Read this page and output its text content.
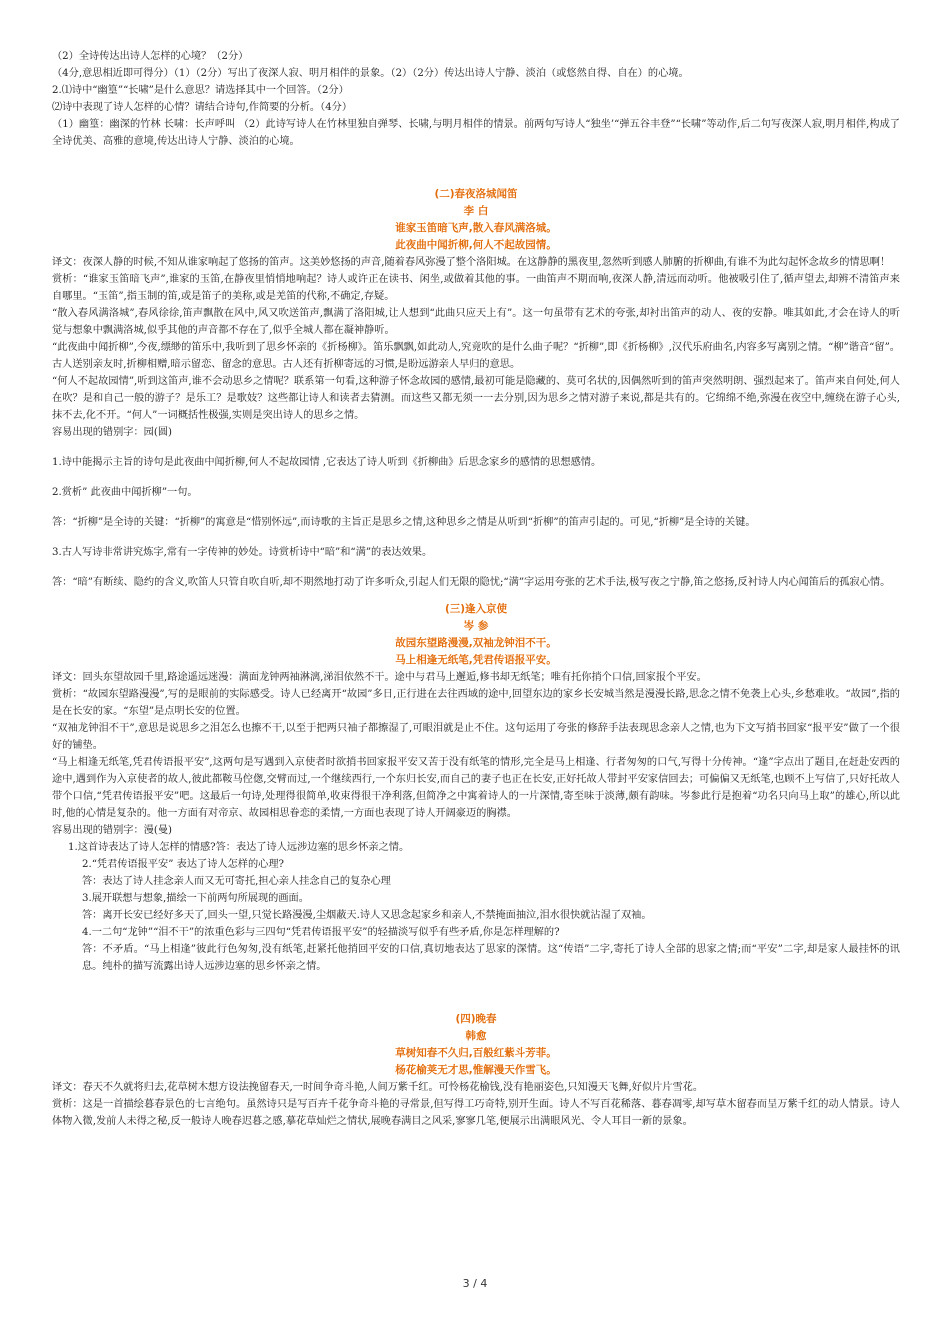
（2）全诗传达出诗人怎样的心境？（2分）

（4分,意思相近即可得分）（1）（2分）写出了夜深人寂、明月相伴的景象。（2）（2分）传达出诗人宁静、淡泊（或悠然自得、自在）的心境。

2.⑴诗中“幽篁”“长啸”是什么意思？请选择其中一个回答。（2分）

⑵诗中表现了诗人怎样的心情？请结合诗句,作简要的分析。（4分）

（1）幽篁：幽深的竹林 长啸：长声呼叫 （2）此诗写诗人在竹林里独自弹琴、长啸,与明月相伴的情景。前两句写诗人“独坐’“弹五谷丰登”“长啸”等动作,后二句写夜深人寂,明月相伴,构成了全诗优美、高雅的意境,传达出诗人宁静、淡泊的心境。

(二)春夜洛城闻笛

李 白

谁家玉笛暗飞声,散入春风满洛城。

此夜曲中闻折柳,何人不起故园情。

译文：夜深人静的时候,不知从谁家响起了悠扬的笛声。这美妙悠扬的声音,随着春风弥漫了整个洛阳城。在这静静的黑夜里,忽然听到感人肺腑的折柳曲,有谁不为此勾起怀念故乡的情思啊！

赏析：“谁家玉笛暗飞声”,谁家的玉笛,在静夜里悄悄地响起？诗人或许正在读书、闲坐,或做着其他的事。一曲笛声不期而响,夜深人静,清远而动听。他被吸引住了,循声望去,却辨不清笛声来自哪里。“玉笛”,指玉制的笛,或是笛子的美称,或是羌笛的代称,不确定,存疑。

“散入春风满洛城”,春风徐徐,笛声飘散在风中,风又吹送笛声,飘满了洛阳城,让人想到“此曲只应天上有”。这一句虽带有艺术的夸张,却衬出笛声的动人、夜的安静。唯其如此,才会在诗人的听觉与想象中飘满洛城,似乎其他的声音都不存在了,似乎全城人都在凝神静听。

“此夜曲中闻折柳”,今夜,缥缈的笛乐中,我听到了思乡怀亲的《折杨柳》。笛乐飘飘,如此动人,究竟吹的是什么曲子呢？“折柳”,即《折杨柳》,汉代乐府曲名,内容多写离别之情。“柳”谐音“留”。古人送别亲友时,折柳相赠,暗示留恋、留念的意思。古人还有折柳寄远的习惯,是盼远游亲人早归的意思。

“何人不起故园情”,听到这笛声,谁不会动思乡之情呢？联系第一句看,这种游子怀念故园的感情,最初可能是隐藏的、莫可名状的,因偶然听到的笛声突然明朗、强烈起来了。笛声来自何处,何人在吹？是和自己一般的游子？是乐工？是歌妓？这些都让诗人和读者去猜测。而这些又都无须一一去分别,因为思乡之情对游子来说,都是共有的。它绵绵不绝,弥漫在夜空中,缠绕在游子心头,抹不去,化不开。“何人”一词概括性极强,实则是突出诗人的思乡之情。

容易出现的错别字：园(圆)

1.诗中能揭示主旨的诗句是此夜曲中闻折柳,何人不起故园情 ,它表达了诗人听到《折柳曲》后思念家乡的感情的思想感情。

2.赏析” 此夜曲中闻折柳”一句。

答：“折柳”是全诗的关键：“折柳”的寓意是“惜别怀远”,而诗歌的主旨正是思乡之情,这种思乡之情是从听到“折柳”的笛声引起的。可见,“折柳”是全诗的关键。

3.古人写诗非常讲究炼字,常有一字传神的妙处。诗赏析诗中“暗”和“满”的表达效果。

答：“暗”有断续、隐约的含义,吹笛人只管自吹自听,却不期然地打动了许多听众,引起人们无限的隐忧;“满”字运用夸张的艺术手法,极写夜之宁静,笛之悠扬,反衬诗人内心闻笛后的孤寂心情。

(三)逢入京使

岑 参

故园东望路漫漫,双袖龙钟泪不干。

马上相逢无纸笔,凭君传语报平安。

译文：回头东望故园千里,路途遥远迷漫：满面龙钟两袖淋漓,涕泪依然不干。途中与君马上邂逅,修书却无纸笔；唯有托你捎个口信,回家报个平安。

赏析：“故园东望路漫漫”,写的是眼前的实际感受。诗人已经离开“故园”多日,正行进在去往西域的途中,回望东边的家乡长安城当然是漫漫长路,思念之情不免袭上心头,乡愁难收。“故园”,指的是在长安的家。“东望”是点明长安的位置。

“双袖龙钟泪不干”,意思是说思乡之泪怎么也擦不干,以至于把两只袖子都擦湿了,可眼泪就是止不住。这句运用了夸张的修辞手法表现思念亲人之情,也为下文写捎书回家“报平安”做了一个很好的铺垫。

“马上相逢无纸笔,凭君传语报平安”,这两句是写遇到入京使者时欲捎书回家报平安又苦于没有纸笔的情形,完全是马上相逢、行者匆匆的口气,写得十分传神。“逢”字点出了题目,在赶赴安西的途中,遇到作为入京使者的故人,彼此都鞍马倥偬,交臂而过,一个继续西行,一个东归长安,而自己的妻子也正在长安,正好托故人带封平安家信回去；可偏偏又无纸笔,也顾不上写信了,只好托故人带个口信,“凭君传语报平安”吧。这最后一句诗,处理得很简单,收束得很干净利落,但简净之中寓着诗人的一片深情,寄至味于淡薄,颇有韵味。岑参此行是抱着“功名只向马上取”的雄心,所以此时,他的心情是复杂的。他一方面有对帝京、故园相思眷恋的柔情,一方面也表现了诗人开阔豪迈的胸襟。

容易出现的错别字：漫(曼)

1.这首诗表达了诗人怎样的情感?答：表达了诗人远涉边塞的思乡怀亲之情。

2.“凭君传语报平安” 表达了诗人怎样的心理?

答：表达了诗人挂念亲人而又无可寄托,担心亲人挂念自己的复杂心理

3.展开联想与想象,描绘一下前两句所展现的画面。

答：离开长安已经好多天了,回头一望,只觉长路漫漫,尘烟蔽天.诗人又思念起家乡和亲人,不禁掩面抽泣,泪水很快就沾湿了双袖。

4.一二句“龙钟”“泪不干”的浓重色彩与三四句“凭君传语报平安”的轻描淡写似乎有些矛盾,你是怎样理解的?

答：不矛盾。“马上相逢”彼此行色匆匆,没有纸笔,赶紧托他捎回平安的口信,真切地表达了思家的深情。这“传语”二字,寄托了诗人全部的思家之情;而“平安”二字,却是家人最挂怀的讯息。纯朴的描写流露出诗人远涉边塞的思乡怀亲之情。

(四)晚春

韩愈

草树知春不久归,百般红紫斗芳菲。

杨花榆荚无才思,惟解漫天作雪飞。

译文：春天不久就将归去,花草树木想方设法挽留春天,一时间争奇斗艳,人间万紫千红。可怜杨花榆钱,没有艳丽姿色,只知漫天飞舞,好似片片雪花。

赏析：这是一首描绘暮春景色的七言绝句。虽然诗只是写百卉千花争奇斗艳的寻常景,但写得工巧奇特,别开生面。诗人不写百花稀落、暮春凋零,却写草木留春而呈万紫千红的动人情景。诗人体物入微,发前人未得之秘,反一般诗人晚春迟暮之感,摹花草灿烂之情状,展晚春满目之风采,寥寥几笔,便展示出满眼风光、令人耳目一新的景象。

3 / 4
